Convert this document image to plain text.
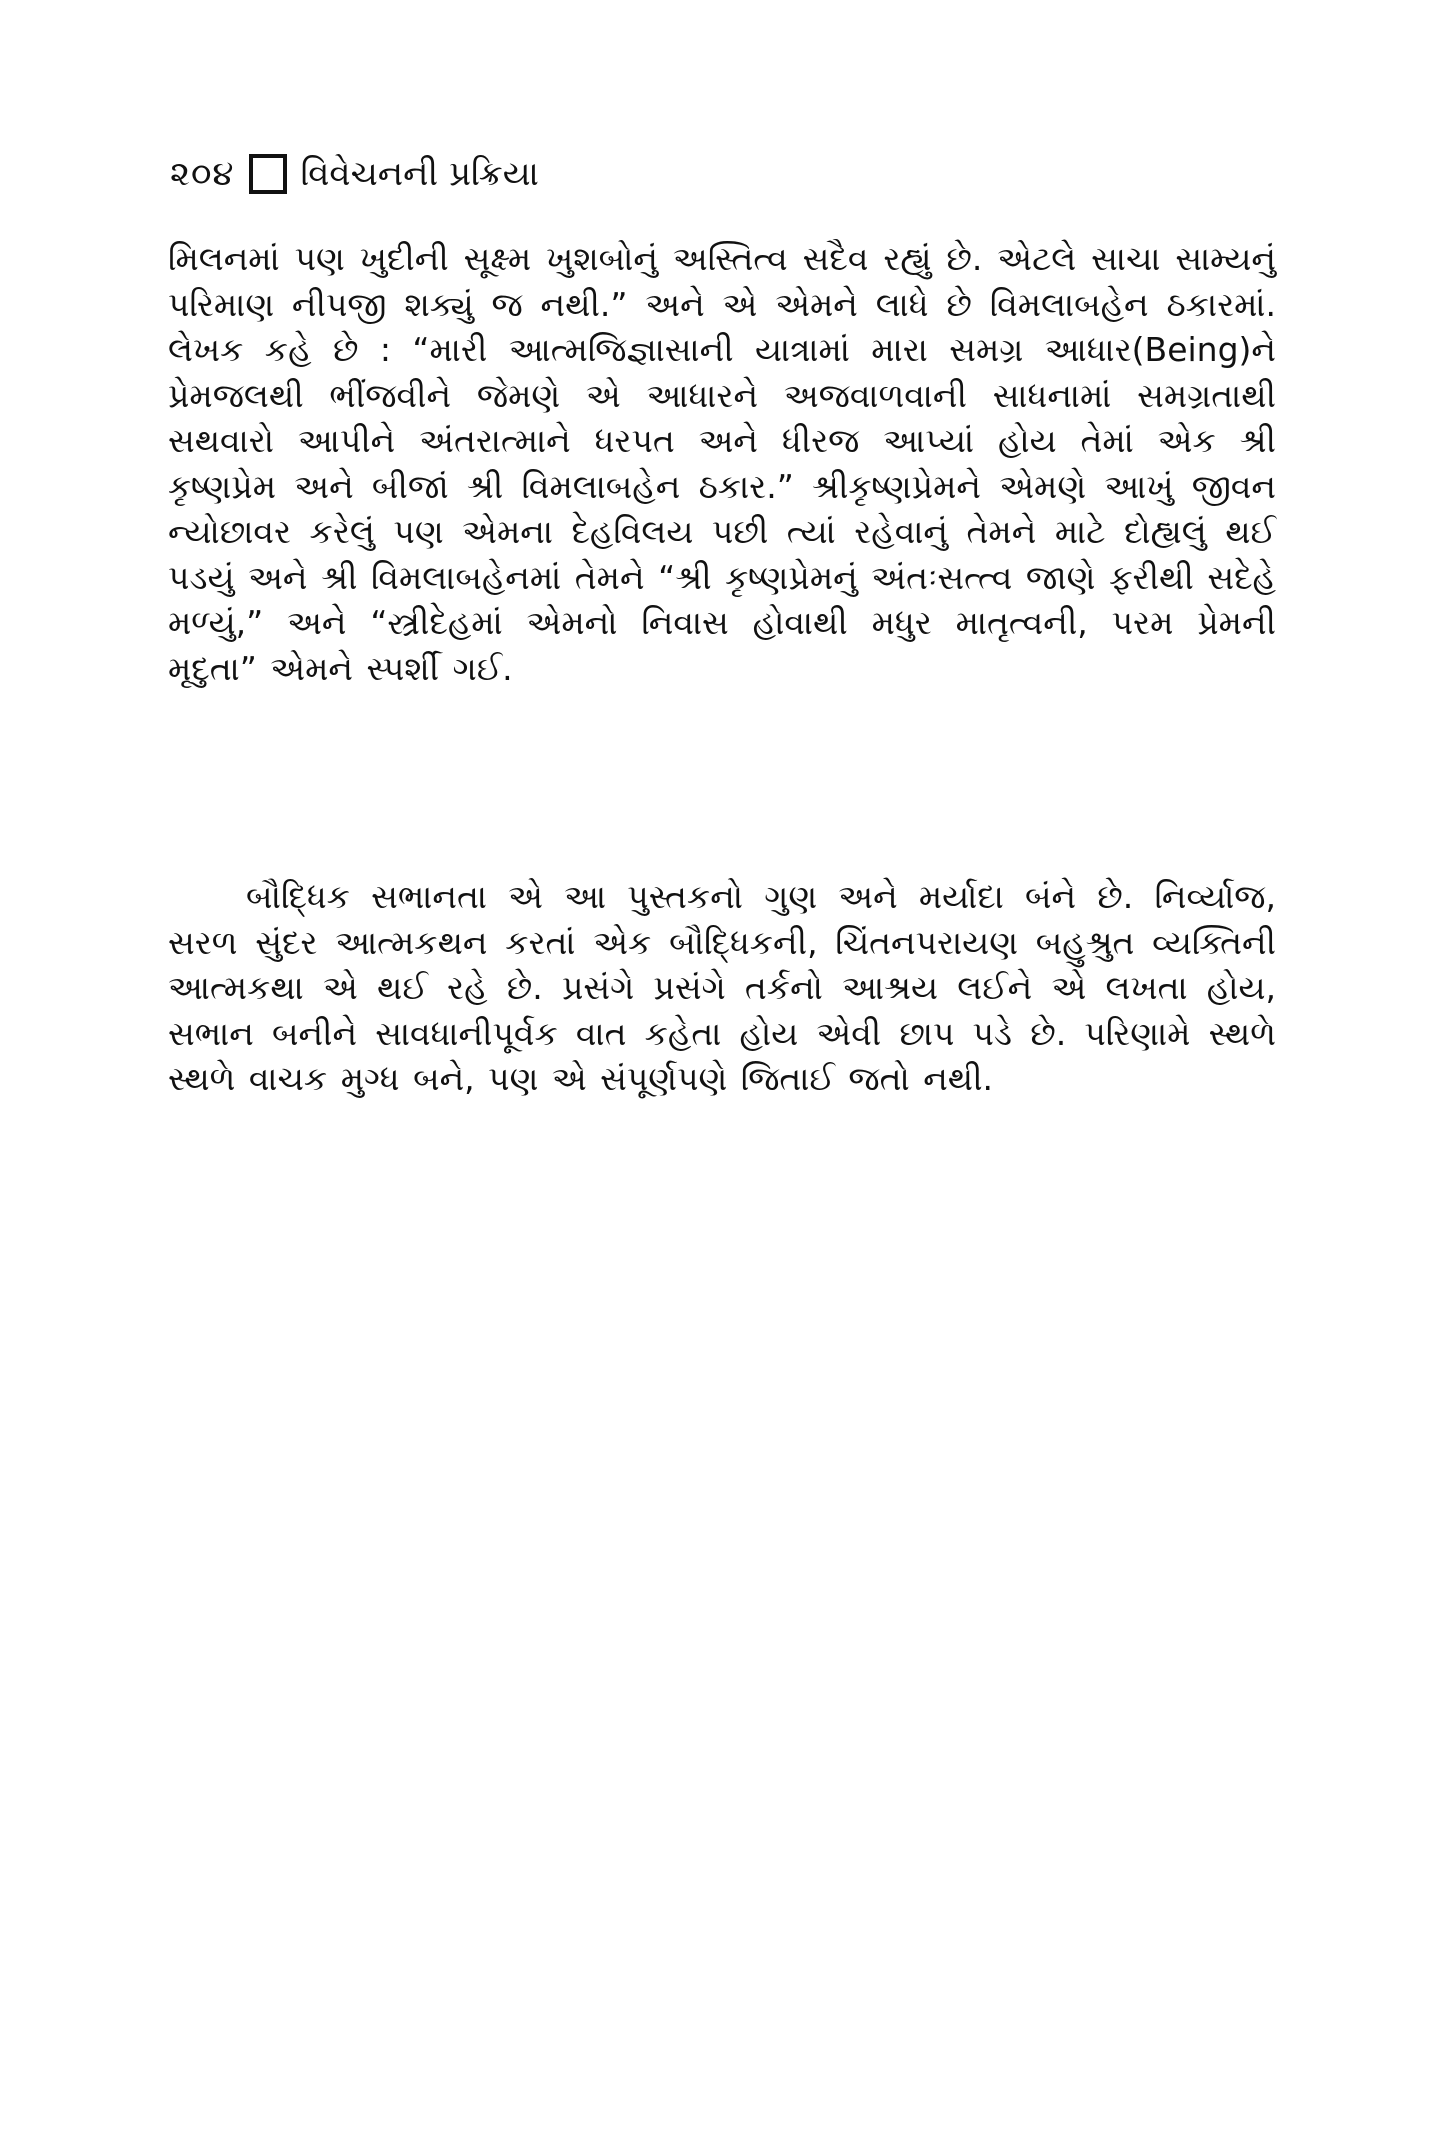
૨૦૪ વિવેચનની પ્રક્રિયા

મિલનમાં પણ ખુદીની સૂક્ષ્મ ખુશબોનું અસ્તિત્વ સદૈવ રહ્યું છે. એટલે સાચા સામ્યનું પરિમાણ નીપજી શક્યું જ નથી.” અને એ એમને લાધે છે વિમલાબહેન ઠકારમાં. લેખક કહે છે : “મારી આત્મજિજ્ઞાસાની યાત્રામાં મારા સમગ્ર આધાર(Being)ને પ્રેમજલથી ભીંજવીને જેમણે એ આધારને અજવાળવાની સાધનામાં સમગ્રતાથી સથવારો આપીને અંતરાત્માને ધરપત અને ધીરજ આપ્યાં હોય તેમાં એક શ્રી કૃષ્ણપ્રેમ અને બીજાં શ્રી વિમલાબહેન ઠકાર.” શ્રીકૃષ્ણપ્રેમને એમણે આખું જીવન ન્યોછાવર કરેલું પણ એમના દેહવિલય પછી ત્યાં રહેવાનું તેમને માટે દોહ્યલું થઈ પડયું અને શ્રી વિમલાબહેનમાં તેમને “શ્રી કૃષ્ણપ્રેમનું અંતઃસત્ત્વ જાણે ફરીથી સદેહે મળ્યું,” અને “સ્ત્રીદેહમાં એમનો નિવાસ હોવાથી મધુર માતૃત્વની, પરમ પ્રેમની મૃદુતા” એમને સ્પર્શી ગઈ.

બૌદ્ધિક સભાનતા એ આ પુસ્તકનો ગુણ અને મર્યાદા બંને છે. નિર્વ્યાજ, સરળ સુંદર આત્મકથન કરતાં એક બૌદ્ધિકની, ચિંતનપરાયણ બહુશ્રુત વ્યક્તિની આત્મકથા એ થઈ રહે છે. પ્રસંગે પ્રસંગે તર્કનો આશ્રય લઈને એ લખતા હોય, સભાન બનીને સાવધાનીપૂર્વક વાત કહેતા હોય એવી છાપ પડે છે. પરિણામે સ્થળે સ્થળે વાચક મુગ્ધ બને, પણ એ સંપૂર્ણપણે જિતાઈ જતો નથી.
